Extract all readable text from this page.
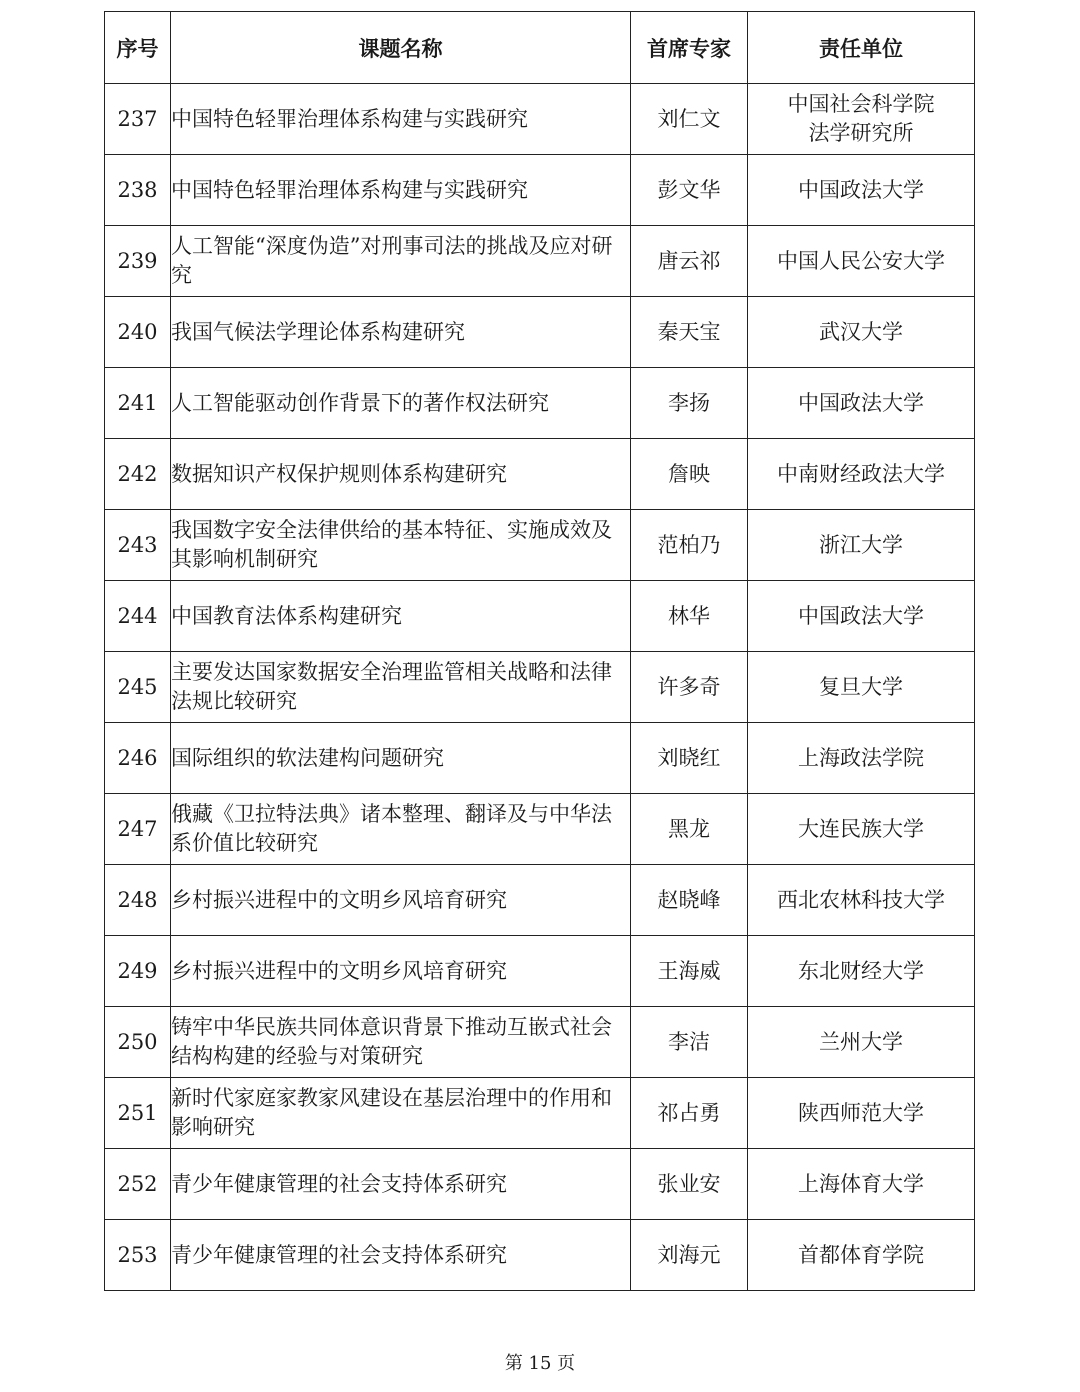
序号	课题名称	首席专家	责任单位
237	中国特色轻罪治理体系构建与实践研究	刘仁文	中国社会科学院
法学研究所
238	中国特色轻罪治理体系构建与实践研究	彭文华	中国政法大学
239	人工智能“深度伪造”对刑事司法的挑战及应对研究	唐云祁	中国人民公安大学
240	我国气候法学理论体系构建研究	秦天宝	武汉大学
241	人工智能驱动创作背景下的著作权法研究	李扬	中国政法大学
242	数据知识产权保护规则体系构建研究	詹映	中南财经政法大学
243	我国数字安全法律供给的基本特征、实施成效及其影响机制研究	范柏乃	浙江大学
244	中国教育法体系构建研究	林华	中国政法大学
245	主要发达国家数据安全治理监管相关战略和法律法规比较研究	许多奇	复旦大学
246	国际组织的软法建构问题研究	刘晓红	上海政法学院
247	俄藏《卫拉特法典》诸本整理、翻译及与中华法系价值比较研究	黑龙	大连民族大学
248	乡村振兴进程中的文明乡风培育研究	赵晓峰	西北农林科技大学
249	乡村振兴进程中的文明乡风培育研究	王海威	东北财经大学
250	铸牢中华民族共同体意识背景下推动互嵌式社会结构构建的经验与对策研究	李洁	兰州大学
251	新时代家庭家教家风建设在基层治理中的作用和影响研究	祁占勇	陕西师范大学
252	青少年健康管理的社会支持体系研究	张业安	上海体育大学
253	青少年健康管理的社会支持体系研究	刘海元	首都体育学院
第 15 页
